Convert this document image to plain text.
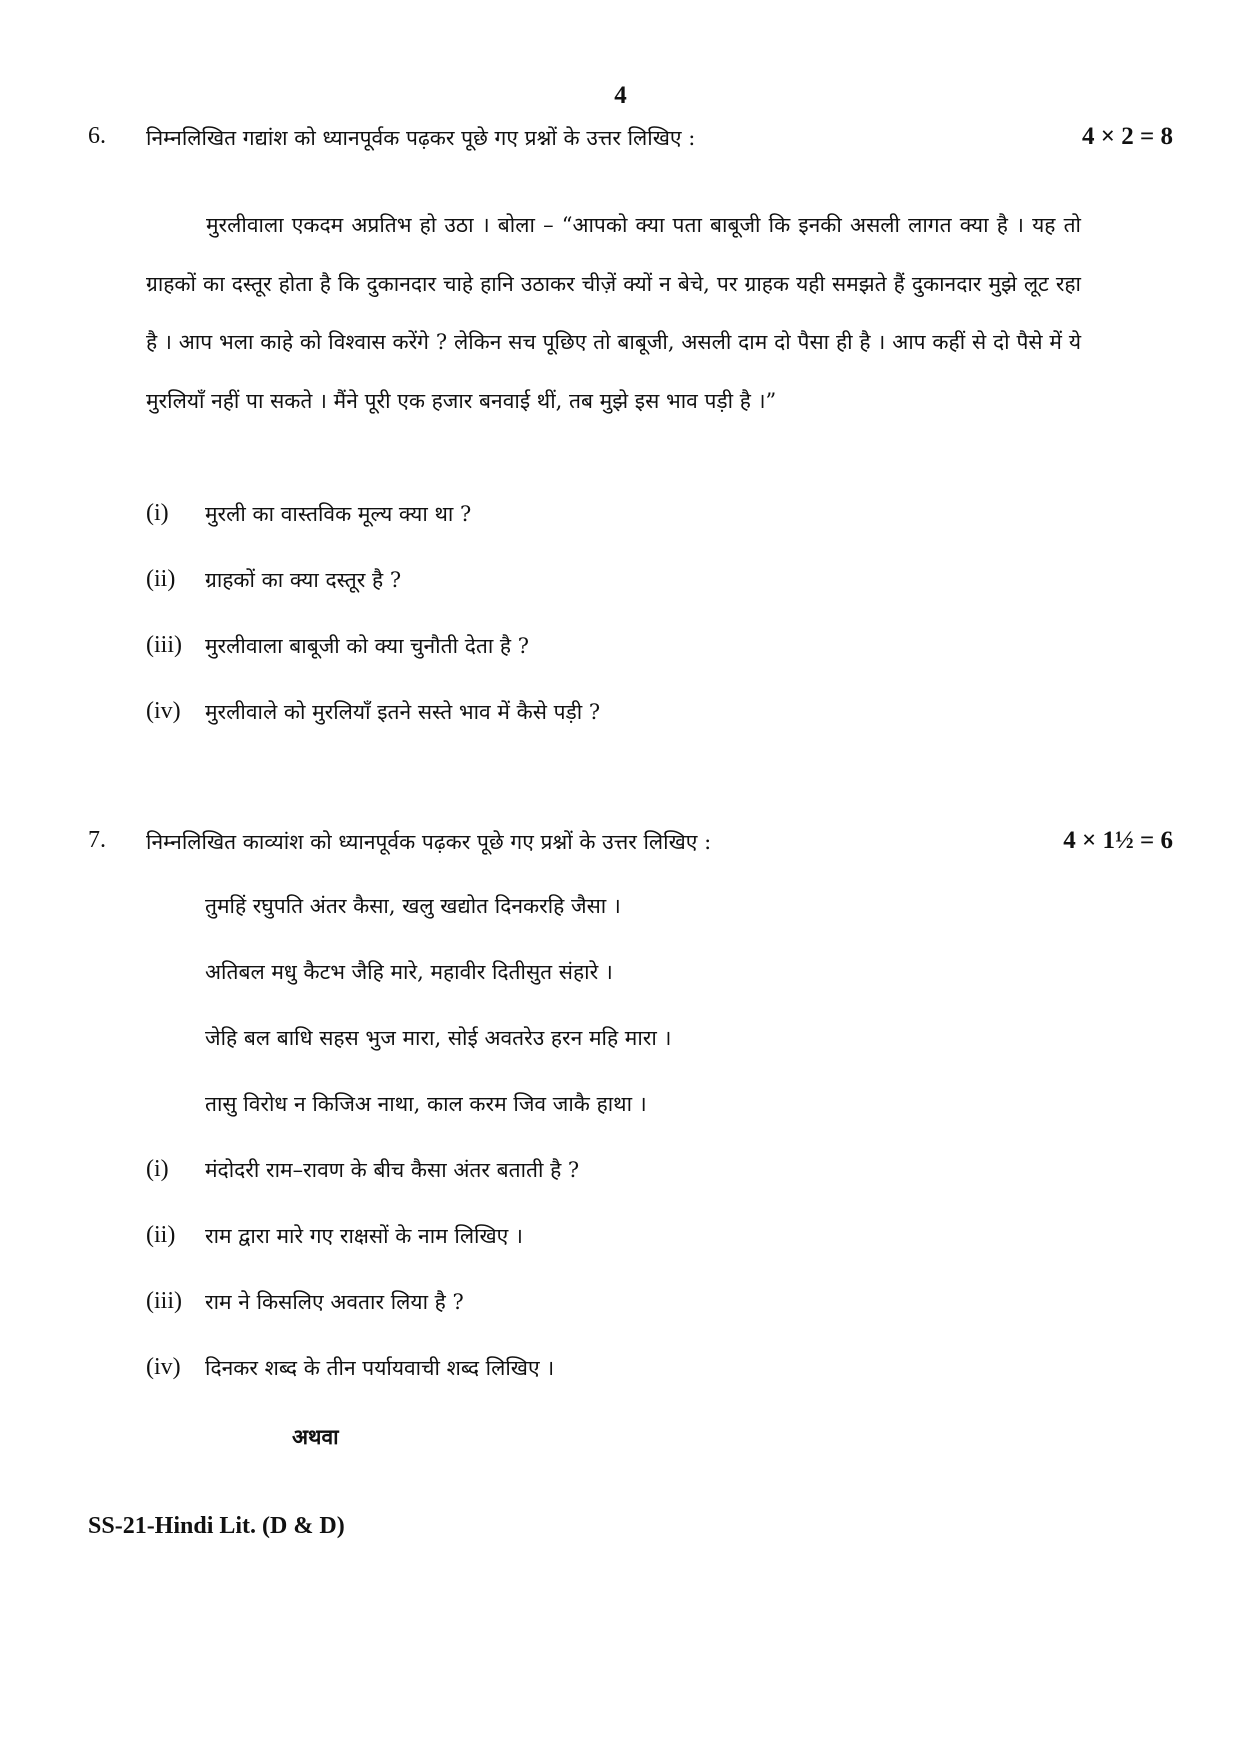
4
6. निम्नलिखित गद्यांश को ध्यानपूर्वक पढ़कर पूछे गए प्रश्नों के उत्तर लिखिए :	4 × 2 = 8

मुरलीवाला एकदम अप्रतिभ हो उठा । बोला – “आपको क्या पता बाबूजी कि इनकी असली लागत क्या है । यह तो ग्राहकों का दस्तूर होता है कि दुकानदार चाहे हानि उठाकर चीज़ें क्यों न बेचे, पर ग्राहक यही समझते हैं दुकानदार मुझे लूट रहा है । आप भला काहे को विश्वास करेंगे ? लेकिन सच पूछिए तो बाबूजी, असली दाम दो पैसा ही है । आप कहीं से दो पैसे में ये मुरलियाँ नहीं पा सकते । मैंने पूरी एक हजार बनवाई थीं, तब मुझे इस भाव पड़ी है ।”

(i) मुरली का वास्तविक मूल्य क्या था ?
(ii) ग्राहकों का क्या दस्तूर है ?
(iii) मुरलीवाला बाबूजी को क्या चुनौती देता है ?
(iv) मुरलीवाले को मुरलियाँ इतने सस्ते भाव में कैसे पड़ी ?
7. निम्नलिखित काव्यांश को ध्यानपूर्वक पढ़कर पूछे गए प्रश्नों के उत्तर लिखिए :	4 × 1½ = 6
तुमहिं रघुपति अंतर कैसा, खलु खद्योत दिनकरहि जैसा ।
अतिबल मधु कैटभ जैहि मारे, महावीर दितीसुत संहारे ।
जेहि बल बाधि सहस भुज मारा, सोई अवतरेउ हरन महि मारा ।
तासु विरोध न किजिअ नाथा, काल करम जिव जाकै हाथा ।
(i) मंदोदरी राम–रावण के बीच कैसा अंतर बताती है ?
(ii) राम द्वारा मारे गए राक्षसों के नाम लिखिए ।
(iii) राम ने किसलिए अवतार लिया है ?
(iv) दिनकर शब्द के तीन पर्यायवाची शब्द लिखिए ।
अथवा
SS-21-Hindi Lit. (D & D)
